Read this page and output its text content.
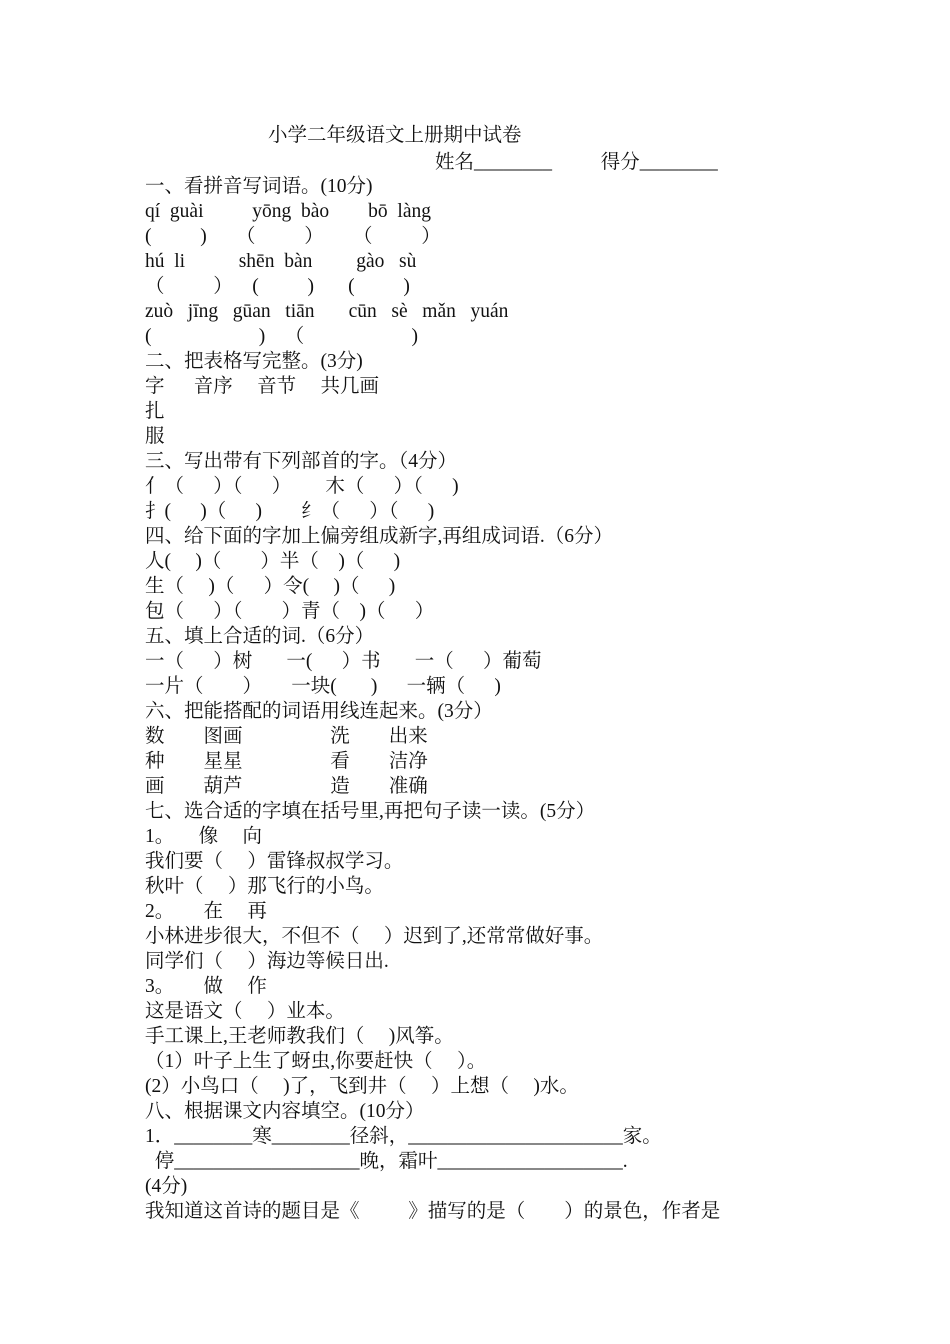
小学二年级语文上册期中试卷
姓名________          得分________
一、看拼音写词语。(10分)
qí  guài          yōng  bào        bō  làng
(          )      （          ）      （          ）
hú  li           shēn  bàn         gào   sù
（          ）    (          )       (          )
zuò   jīng   gūan   tiān       cūn   sè   mǎn   yuán
(                      )    （                      )
二、把表格写完整。(3分)
字      音序     音节     共几画
扎
服
三、写出带有下列部首的字。（4分）
亻（      ）（      ）       木（      ）（      )
扌(      )（      )        纟（      ）（      )
四、给下面的字加上偏旁组成新字,再组成词语.（6分）
人(     )（        ）半（    )（      )
生（     )（      ）令(     )（      )
包（      ）（        ）青（    )（      ）
五、填上合适的词.（6分）
一（      ）树       一(      ）书       一（      ）葡萄
一片（        ）      一块(       )      一辆（      )
六、把能搭配的词语用线连起来。(3分）
数        图画                  洗        出来
种        星星                  看        洁净
画        葫芦                  造        准确
七、选合适的字填在括号里,再把句子读一读。(5分）
1。     像     向
我们要（     ）雷锋叔叔学习。
秋叶（     ）那飞行的小鸟。
2。      在     再
小林进步很大，不但不（     ）迟到了,还常常做好事。
同学们（     ）海边等候日出.
3。      做     作
这是语文（     ）业本。
手工课上,王老师教我们（     )风筝。
（1）叶子上生了蚜虫,你要赶快（     ）。
(2）小鸟口（     )了，飞到井（     ）上想（     )水。
八、根据课文内容填空。(10分）
1．________寒________径斜，______________________家。
停___________________晚，霜叶___________________.
(4分)
我知道这首诗的题目是《          》描写的是（        ）的景色，作者是
